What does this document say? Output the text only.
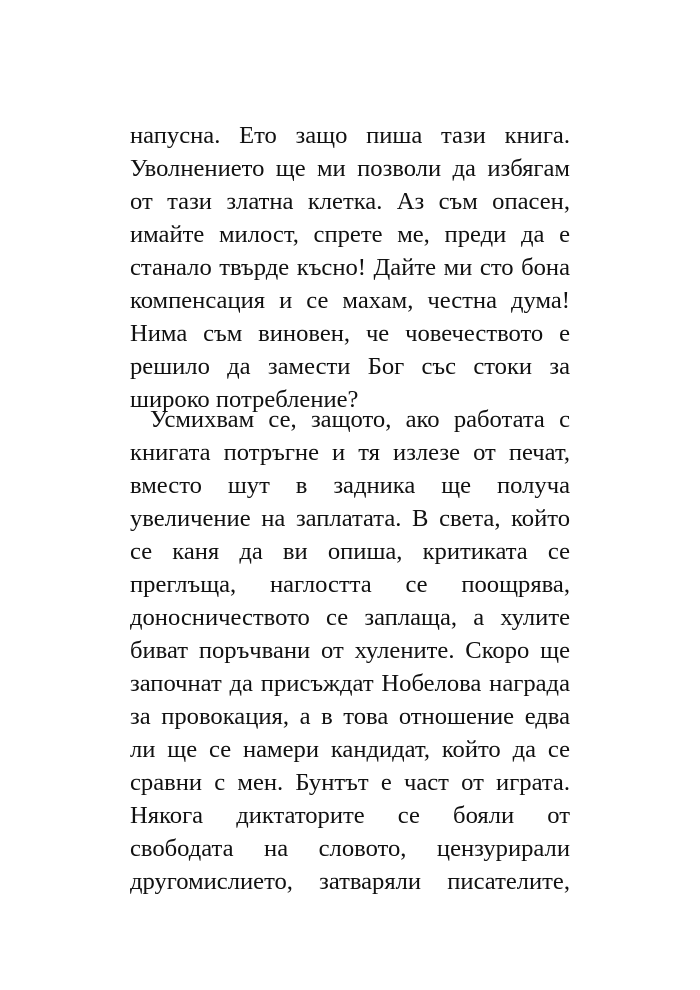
напусна. Ето защо пиша тази книга.
Уволнението ще ми позволи да избягам
от тази златна клетка. Аз съм опасен,
имайте милост, спрете ме, преди да е
станало твърде късно! Дайте ми сто бона
компенсация и се махам, честна дума!
Нима съм виновен, че човечеството е
решило да замести Бог със стоки за
широко потребление?
Усмихвам се, защото, ако работата с
книгата потръгне и тя излезе от печат,
вместо шут в задника ще получа
увеличение на заплатата. В света, който
се каня да ви опиша, критиката се
преглъща, наглостта се поощрява,
доносничеството се заплаща, а хулите
биват поръчвани от хулените. Скоро ще
започнат да присъждат Нобелова награда
за провокация, а в това отношение едва
ли ще се намери кандидат, който да се
сравни с мен. Бунтът е част от играта.
Някога диктаторите се бояли от
свободата на словото, цензурирали
другомислието, затваряли писателите,
